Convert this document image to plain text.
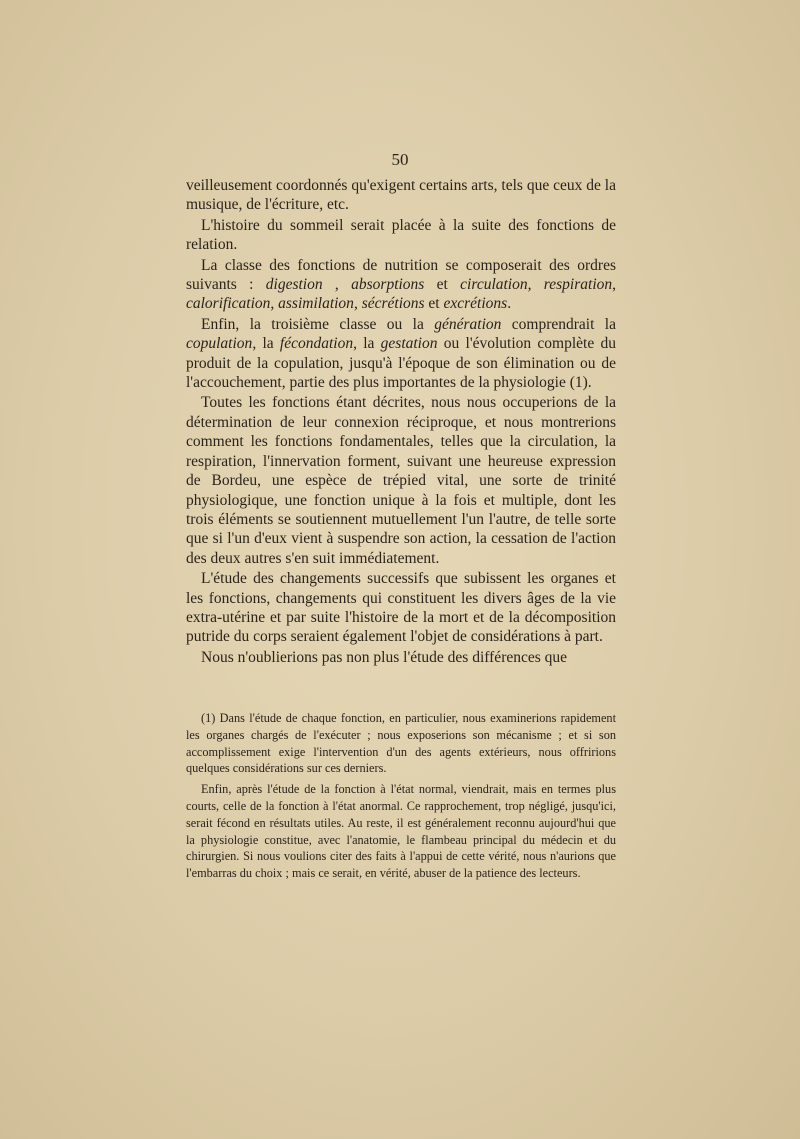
50

veilleusement coordonnés qu'exigent certains arts, tels que ceux de la musique, de l'écriture, etc.

L'histoire du sommeil serait placée à la suite des fonctions de relation.

La classe des fonctions de nutrition se composerait des ordres suivants : digestion , absorptions et circulation, respiration, calorification, assimilation, sécrétions et excrétions.

Enfin, la troisième classe ou la génération comprendrait la copulation, la fécondation, la gestation ou l'évolution complète du produit de la copulation, jusqu'à l'époque de son élimination ou de l'accouchement, partie des plus importantes de la physiologie (1).

Toutes les fonctions étant décrites, nous nous occuperions de la détermination de leur connexion réciproque, et nous montrerions comment les fonctions fondamentales, telles que la circulation, la respiration, l'innervation forment, suivant une heureuse expression de Bordeu, une espèce de trépied vital, une sorte de trinité physiologique, une fonction unique à la fois et multiple, dont les trois éléments se soutiennent mutuellement l'un l'autre, de telle sorte que si l'un d'eux vient à suspendre son action, la cessation de l'action des deux autres s'en suit immédiatement.

L'étude des changements successifs que subissent les organes et les fonctions, changements qui constituent les divers âges de la vie extra-utérine et par suite l'histoire de la mort et de la décomposition putride du corps seraient également l'objet de considérations à part.

Nous n'oublierions pas non plus l'étude des différences que

(1) Dans l'étude de chaque fonction, en particulier, nous examinerions rapidement les organes chargés de l'exécuter ; nous exposerions son mécanisme ; et si son accomplissement exige l'intervention d'un des agents extérieurs, nous offririons quelques considérations sur ces derniers.

Enfin, après l'étude de la fonction à l'état normal, viendrait, mais en termes plus courts, celle de la fonction à l'état anormal. Ce rapprochement, trop négligé, jusqu'ici, serait fécond en résultats utiles. Au reste, il est généralement reconnu aujourd'hui que la physiologie constitue, avec l'anatomie, le flambeau principal du médecin et du chirurgien. Si nous voulions citer des faits à l'appui de cette vérité, nous n'aurions que l'embarras du choix ; mais ce serait, en vérité, abuser de la patience des lecteurs.
